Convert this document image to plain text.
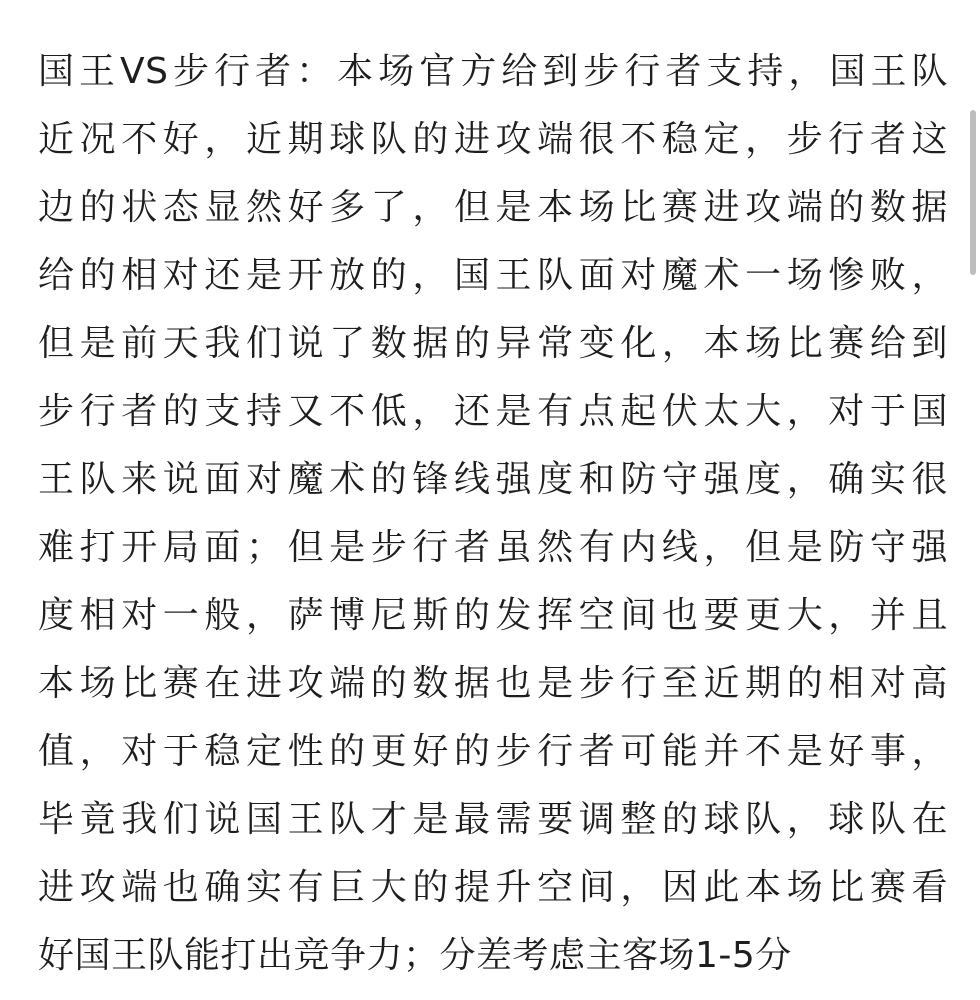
国王VS步行者：本场官方给到步行者支持，国王队
近况不好，近期球队的进攻端很不稳定，步行者这
边的状态显然好多了，但是本场比赛进攻端的数据
给的相对还是开放的，国王队面对魔术一场惨败，
但是前天我们说了数据的异常变化，本场比赛给到
步行者的支持又不低，还是有点起伏太大，对于国
王队来说面对魔术的锋线强度和防守强度，确实很
难打开局面；但是步行者虽然有内线，但是防守强
度相对一般，萨博尼斯的发挥空间也要更大，并且
本场比赛在进攻端的数据也是步行至近期的相对高
值，对于稳定性的更好的步行者可能并不是好事，
毕竟我们说国王队才是最需要调整的球队，球队在
进攻端也确实有巨大的提升空间，因此本场比赛看
好国王队能打出竞争力；分差考虑主客场1-5分
